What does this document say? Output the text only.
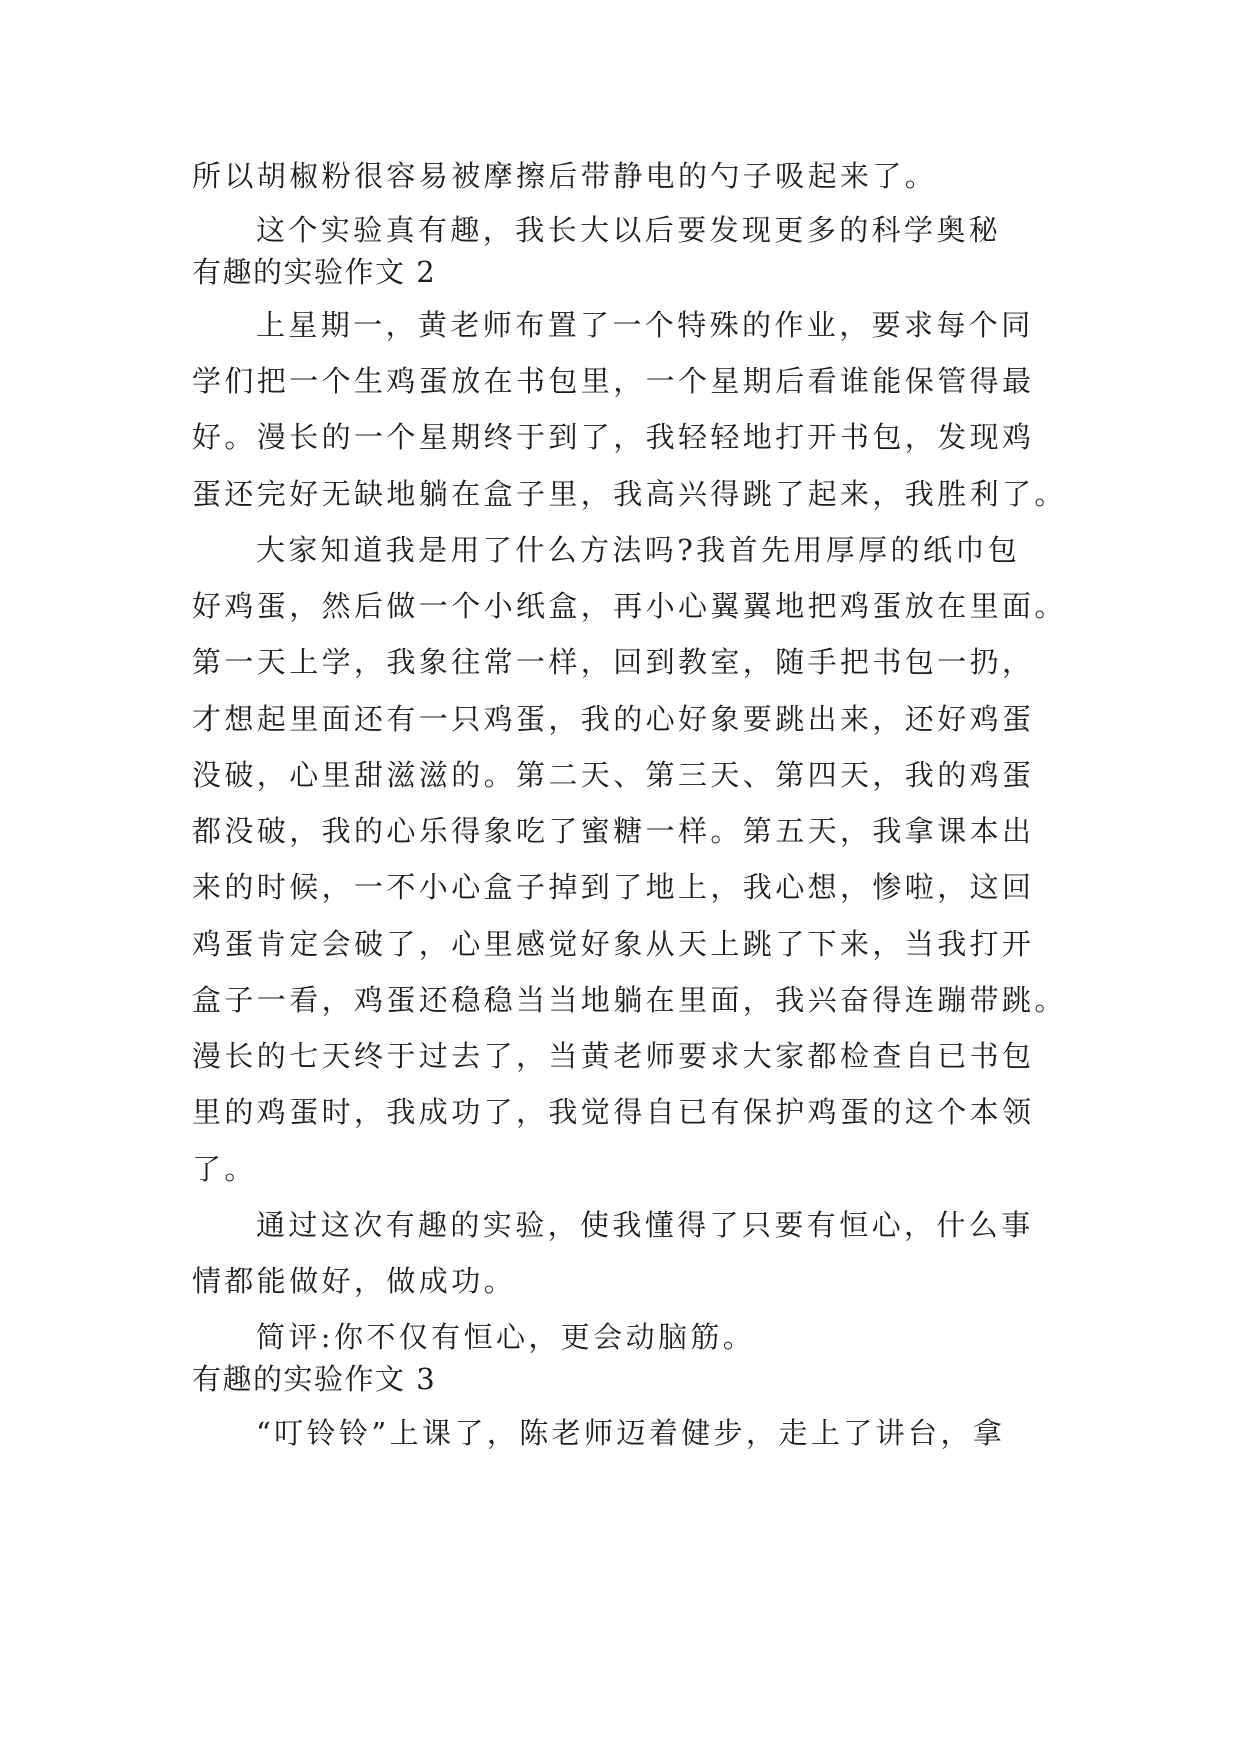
所以胡椒粉很容易被摩擦后带静电的勺子吸起来了。
这个实验真有趣，我长大以后要发现更多的科学奥秘
有趣的实验作文 2
上星期一，黄老师布置了一个特殊的作业，要求每个同
学们把一个生鸡蛋放在书包里，一个星期后看谁能保管得最
好。漫长的一个星期终于到了，我轻轻地打开书包，发现鸡
蛋还完好无缺地躺在盒子里，我高兴得跳了起来，我胜利了。
大家知道我是用了什么方法吗?我首先用厚厚的纸巾包
好鸡蛋，然后做一个小纸盒，再小心翼翼地把鸡蛋放在里面。
第一天上学，我象往常一样，回到教室，随手把书包一扔，
才想起里面还有一只鸡蛋，我的心好象要跳出来，还好鸡蛋
没破，心里甜滋滋的。第二天、第三天、第四天，我的鸡蛋
都没破，我的心乐得象吃了蜜糖一样。第五天，我拿课本出
来的时候，一不小心盒子掉到了地上，我心想，惨啦，这回
鸡蛋肯定会破了，心里感觉好象从天上跳了下来，当我打开
盒子一看，鸡蛋还稳稳当当地躺在里面，我兴奋得连蹦带跳。
漫长的七天终于过去了，当黄老师要求大家都检查自已书包
里的鸡蛋时，我成功了，我觉得自已有保护鸡蛋的这个本领
了。
通过这次有趣的实验，使我懂得了只要有恒心，什么事
情都能做好，做成功。
简评:你不仅有恒心，更会动脑筋。
有趣的实验作文 3
“叮铃铃”上课了，陈老师迈着健步，走上了讲台，拿
